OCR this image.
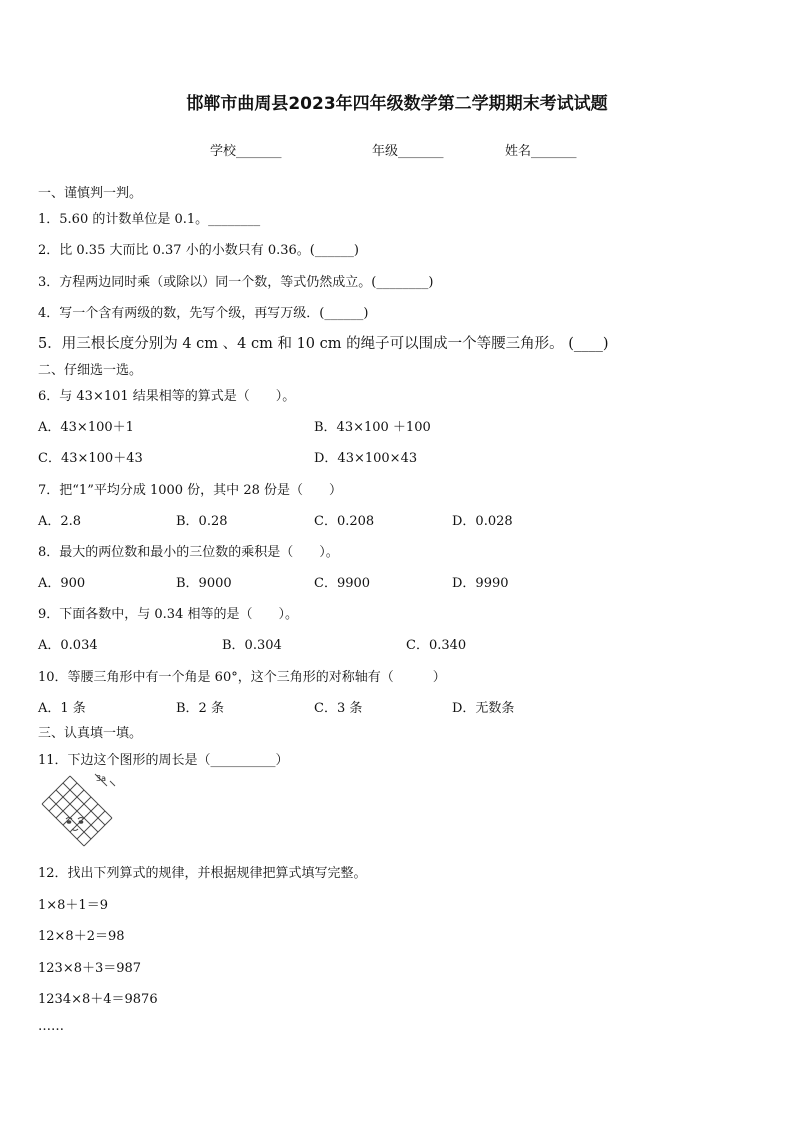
邯郸市曲周县2023年四年级数学第二学期期末考试试题
学校_______	年级_______	姓名_______
一、谨慎判一判。
1．5.60 的计数单位是 0.1。________
2．比 0.35 大而比 0.37 小的小数只有 0.36。(______)
3．方程两边同时乘（或除以）同一个数，等式仍然成立。(________)
4．写一个含有两级的数，先写个级，再写万级．(______)
5．用三根长度分别为 4 cm 、4 cm 和 10 cm 的绳子可以围成一个等腰三角形。 (____)
二、仔细选一选。
6．与 43×101 结果相等的算式是（　　）。
A．43×100＋1	B．43×100 ＋100
C．43×100＋43	D．43×100×43
7．把“1”平均分成 1000 份，其中 28 份是（　　）
A．2.8	B．0.28	C．0.208	D．0.028
8．最大的两位数和最小的三位数的乘积是（　　）。
A．900	B．9000	C．9900	D．9990
9．下面各数中，与 0.34 相等的是（　　）。
A．0.034	B．0.304	C．0.340
10．等腰三角形中有一个角是 60°，这个三角形的对称轴有（　　　）
A．1 条	B．2 条	C．3 条	D．无数条
三、认真填一填。
11．下边这个图形的周长是（__________）
3a
12．找出下列算式的规律，并根据规律把算式填写完整。
1×8＋1＝9
12×8＋2＝98
123×8＋3＝987
1234×8＋4＝9876
……
